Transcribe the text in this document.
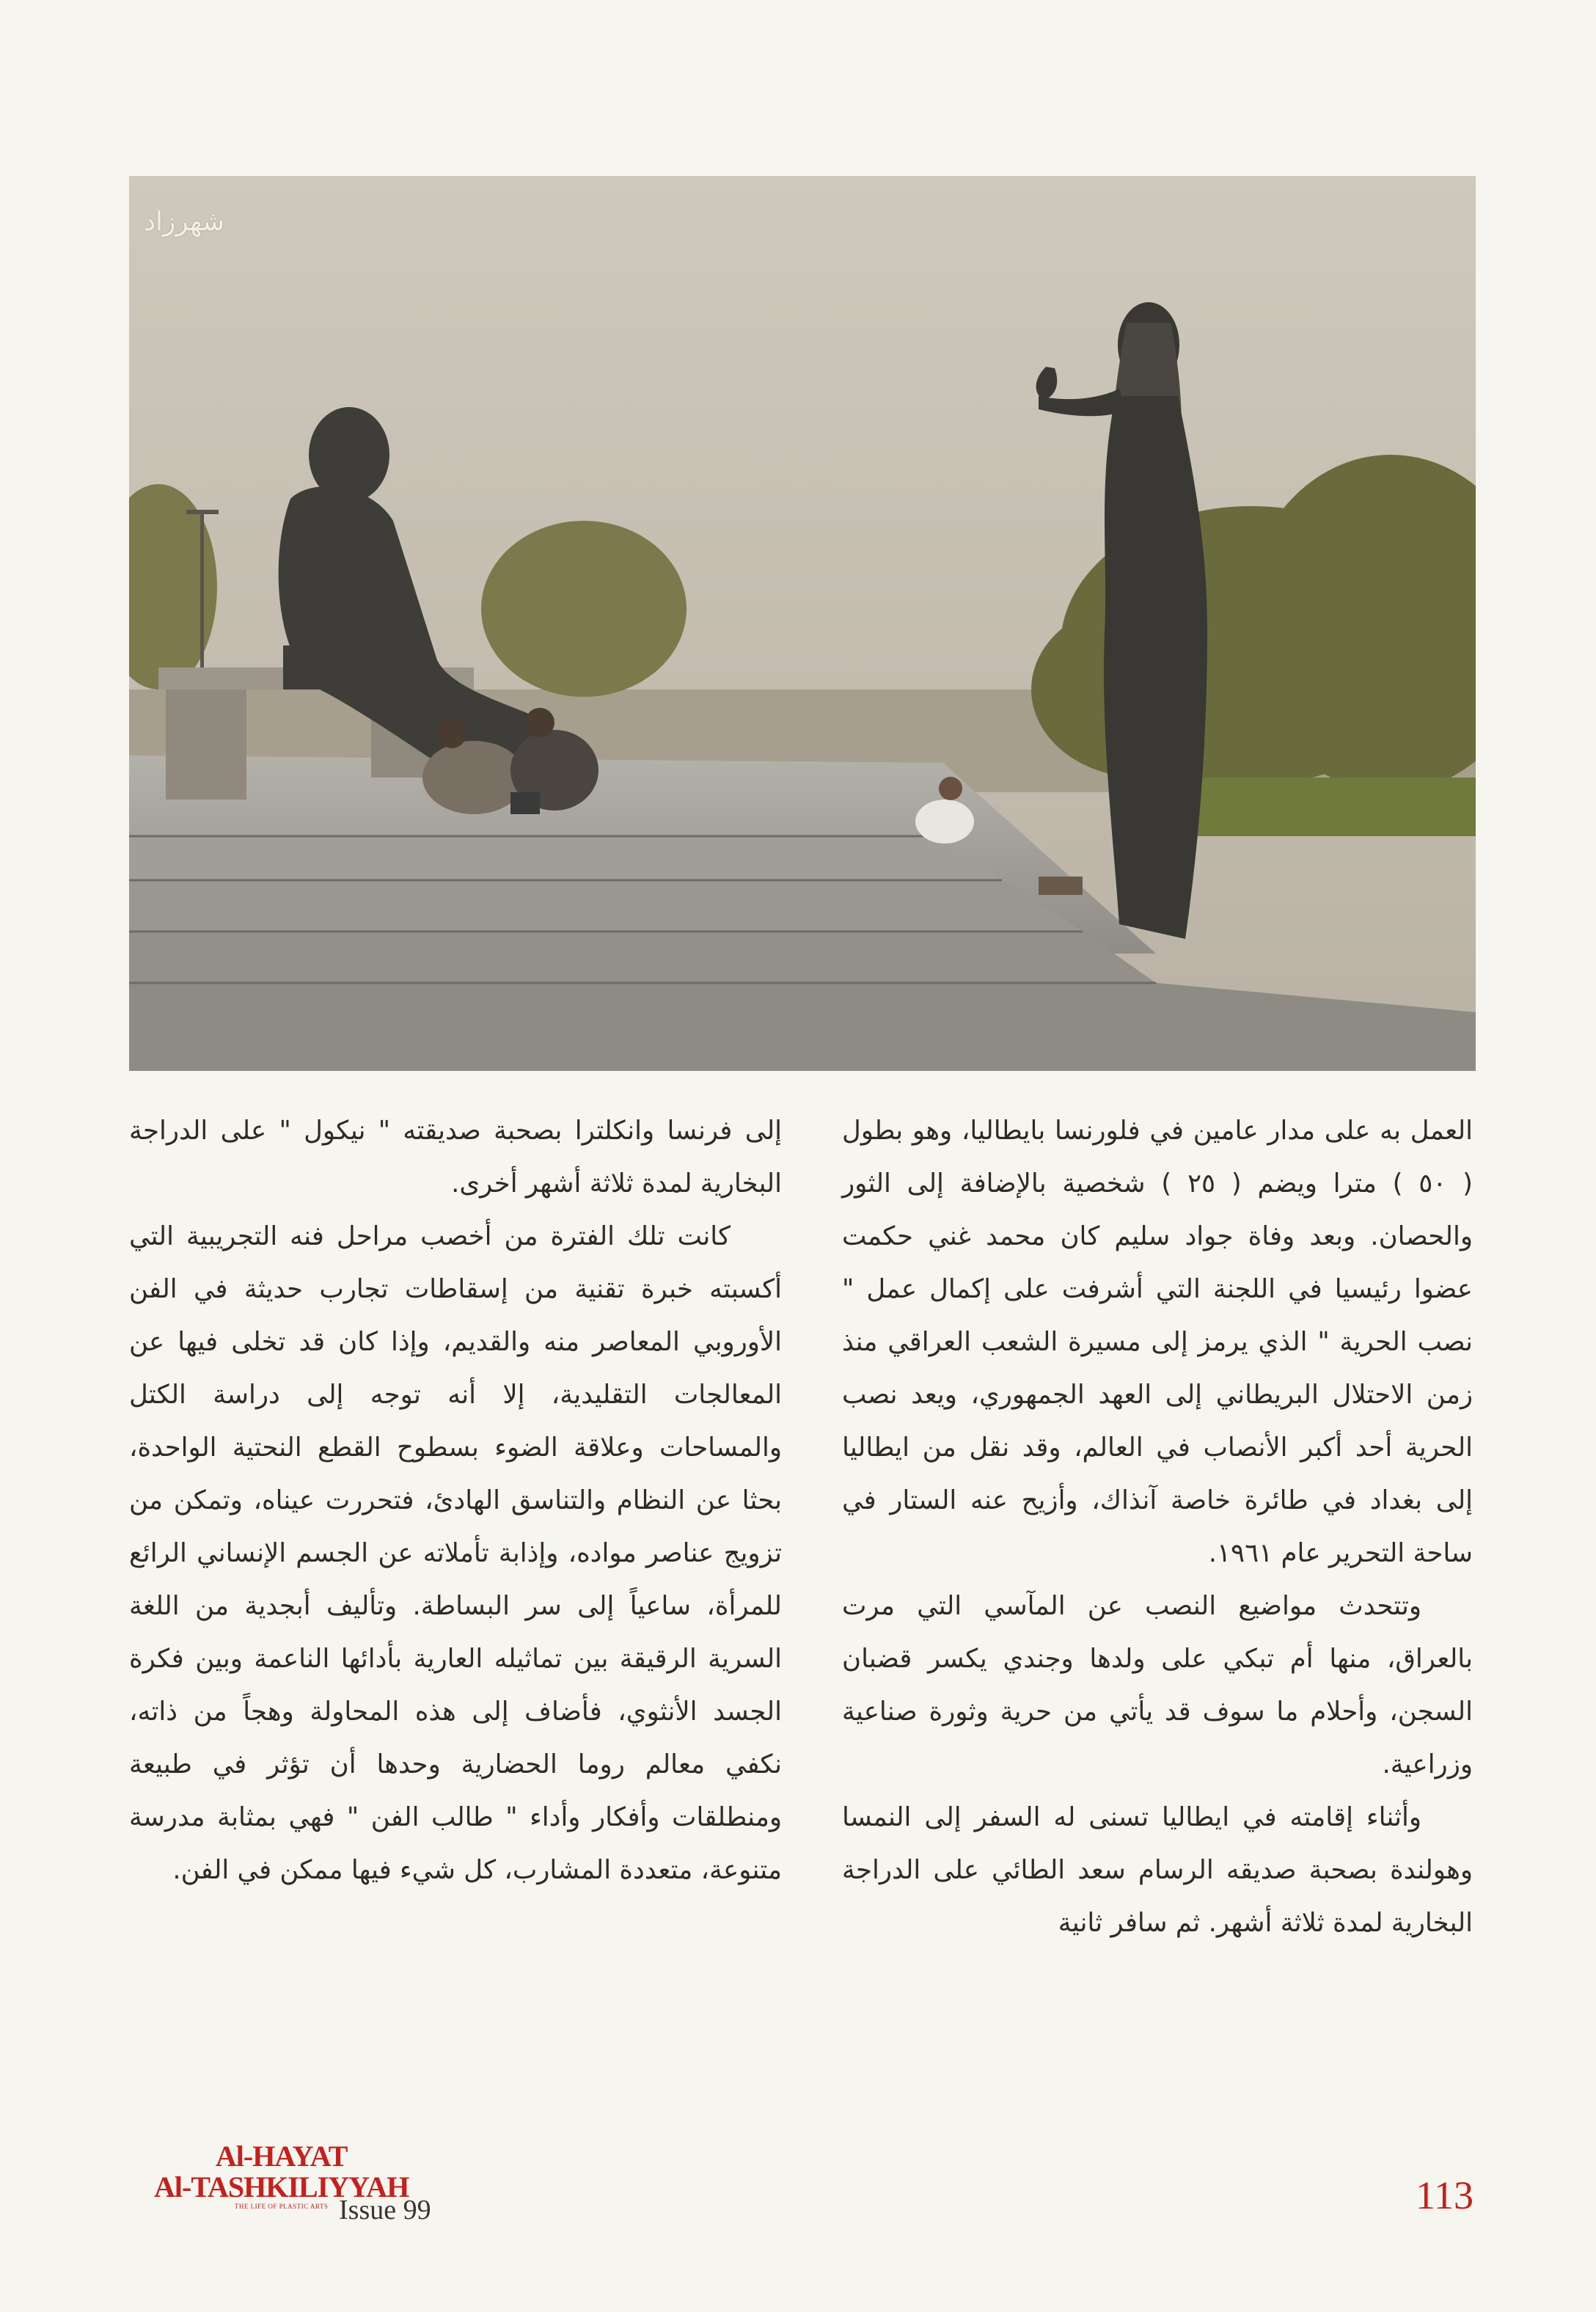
شهرزاد

العمل به على مدار عامين في فلورنسا بايطاليا، وهو بطول ( ٥٠ ) مترا ويضم ( ٢٥ ) شخصية بالإضافة إلى الثور والحصان. وبعد وفاة جواد سليم كان محمد غني حكمت عضوا رئيسيا في اللجنة التي أشرفت على إكمال عمل " نصب الحرية " الذي يرمز إلى مسيرة الشعب العراقي منذ زمن الاحتلال البريطاني إلى العهد الجمهوري، ويعد نصب الحرية أحد أكبر الأنصاب في العالم، وقد نقل من ايطاليا إلى بغداد في طائرة خاصة آنذاك، وأزيح عنه الستار في ساحة التحرير عام ١٩٦١.

وتتحدث مواضيع النصب عن المآسي التي مرت بالعراق، منها أم تبكي على ولدها وجندي يكسر قضبان السجن، وأحلام ما سوف قد يأتي من حرية وثورة صناعية وزراعية.

وأثناء إقامته في ايطاليا تسنى له السفر إلى النمسا وهولندة بصحبة صديقه الرسام سعد الطائي على الدراجة البخارية لمدة ثلاثة أشهر. ثم سافر ثانية

إلى فرنسا وانكلترا بصحبة صديقته " نيكول " على الدراجة البخارية لمدة ثلاثة أشهر أخرى.

كانت تلك الفترة من أخصب مراحل فنه التجريبية التي أكسبته خبرة تقنية من إسقاطات تجارب حديثة في الفن الأوروبي المعاصر منه والقديم، وإذا كان قد تخلى فيها عن المعالجات التقليدية، إلا أنه توجه إلى دراسة الكتل والمساحات وعلاقة الضوء بسطوح القطع النحتية الواحدة، بحثا عن النظام والتناسق الهادئ، فتحررت عيناه، وتمكن من تزويج عناصر مواده، وإذابة تأملاته عن الجسم الإنساني الرائع للمرأة، ساعياً إلى سر البساطة. وتأليف أبجدية من اللغة السرية الرقيقة بين تماثيله العارية بأدائها الناعمة وبين فكرة الجسد الأنثوي، فأضاف إلى هذه المحاولة وهجاً من ذاته، نكفي معالم روما الحضارية وحدها أن تؤثر في طبيعة ومنطلقات وأفكار وأداء " طالب الفن " فهي بمثابة مدرسة متنوعة، متعددة المشارب، كل شيء فيها ممكن في الفن.

Al-HAYAT
Al-TASHKILIYYAH
THE LIFE OF PLASTIC ARTS Issue 99	113
